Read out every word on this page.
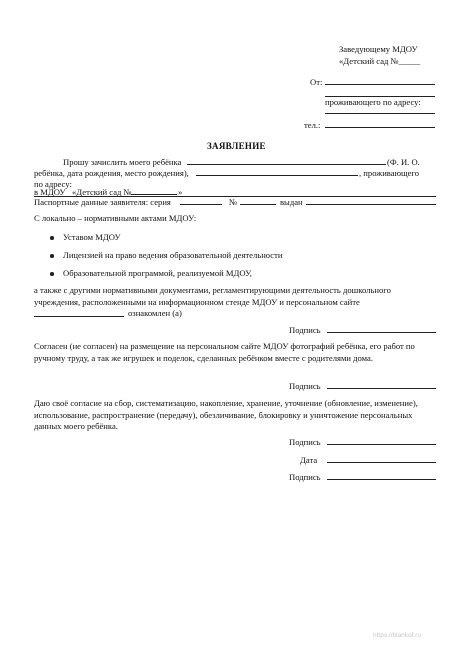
Заведующему МДОУ
«Детский сад №_____
От:
проживающего по адресу:
тел.:
ЗАЯВЛЕНИЕ
Прошу зачислить моего ребёнка	(Ф. И. О.
ребёнка, дата рождения, место рождения),	, проживающего
по адресу:
в МДОУ «Детский сад №	»
Паспортные данные заявителя: серия	№	выдан
С локально – нормативными актами МДОУ:
Уставом МДОУ
Лицензией на право ведения образовательной деятельности
Образовательной программой, реализуемой МДОУ,
а также с другими нормативными документами, регламентирующими деятельность дошкольного учреждения, расположенными на информационном стенде МДОУ и персональном сайте
ознакомлен (а)
Подпись
Согласен (не согласен) на размещение на персональном сайте МДОУ фотографий ребёнка, его работ по ручному труду, а так же игрушек и поделок, сделанных ребёнком вместе с родителями дома.
Подпись
Даю своё согласие на сбор, систематизацию, накопление, хранение, уточнение (обновление, изменение), использование, распространение (передачу), обезличивание, блокировку и уничтожение персональных данных моего ребёнка.
Подпись
Дата
Подпись
https://blankof.ru
